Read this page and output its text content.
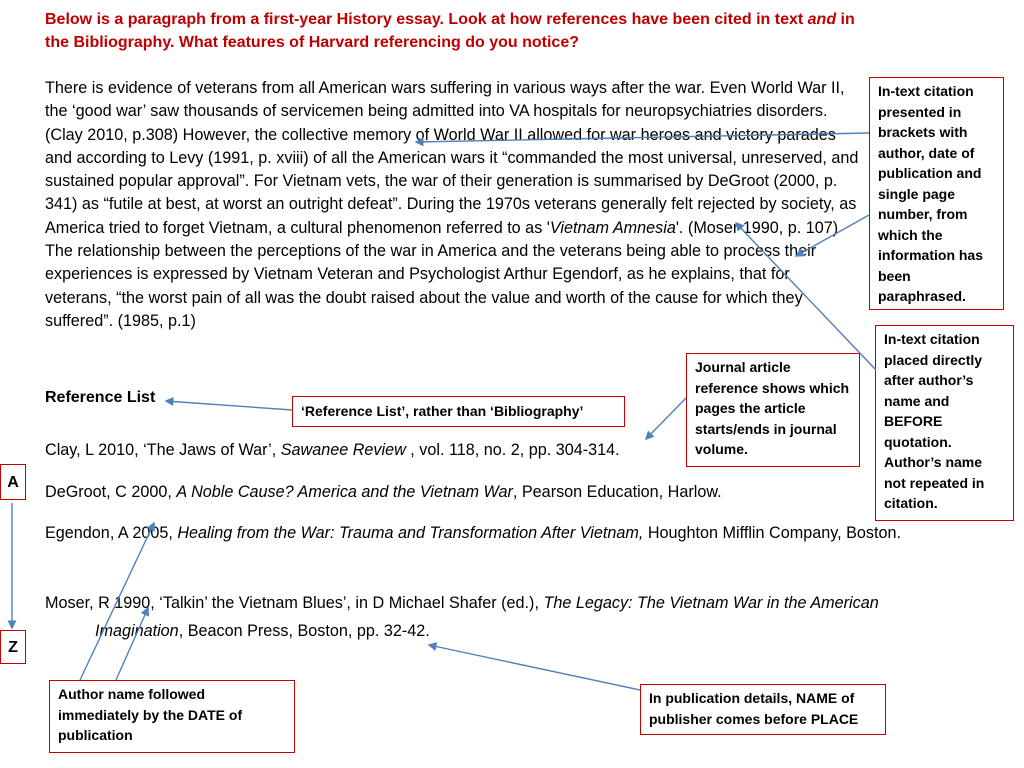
Below is a paragraph from a first-year History essay. Look at how references have been cited in text and in the Bibliography. What features of Harvard referencing do you notice?
There is evidence of veterans from all American wars suffering in various ways after the war. Even World War II, the ‘good war’ saw thousands of servicemen being admitted into VA hospitals for neuropsychiatries disorders. (Clay 2010, p.308) However, the collective memory of World War II allowed for war heroes and victory parades and according to Levy (1991, p. xviii) of all the American wars it “commanded the most universal, unreserved, and sustained popular approval”. For Vietnam vets, the war of their generation is summarised by DeGroot (2000, p. 341) as “futile at best, at worst an outright defeat”. During the 1970s veterans generally felt rejected by society, as America tried to forget Vietnam, a cultural phenomenon referred to as 'Vietnam Amnesia'. (Moser 1990, p. 107) The relationship between the perceptions of the war in America and the veterans being able to process their experiences is expressed by Vietnam Veteran and Psychologist Arthur Egendorf, as he explains, that for veterans, “the worst pain of all was the doubt raised about the value and worth of the cause for which they suffered”. (1985, p.1)
Reference List
Clay, L 2010, ‘The Jaws of War’, Sawanee Review , vol. 118, no. 2, pp. 304-314.
DeGroot, C 2000, A Noble Cause? America and the Vietnam War, Pearson Education, Harlow.
Egendon, A 2005, Healing from the War: Trauma and Transformation After Vietnam, Houghton Mifflin Company, Boston.
Moser, R 1990, ‘Talkin’ the Vietnam Blues’, in D Michael Shafer (ed.), The Legacy: The Vietnam War in the American Imagination, Beacon Press, Boston, pp. 32-42.
In-text citation presented in brackets with author, date of publication and single page number, from which the information has been paraphrased.
In-text citation placed directly after author’s name and BEFORE quotation. Author’s name not repeated in citation.
Journal article reference shows which pages the article starts/ends in journal volume.
‘Reference List’, rather than ‘Bibliography’
Author name followed immediately by the DATE of publication
In publication details, NAME of publisher comes before PLACE
A
Z
